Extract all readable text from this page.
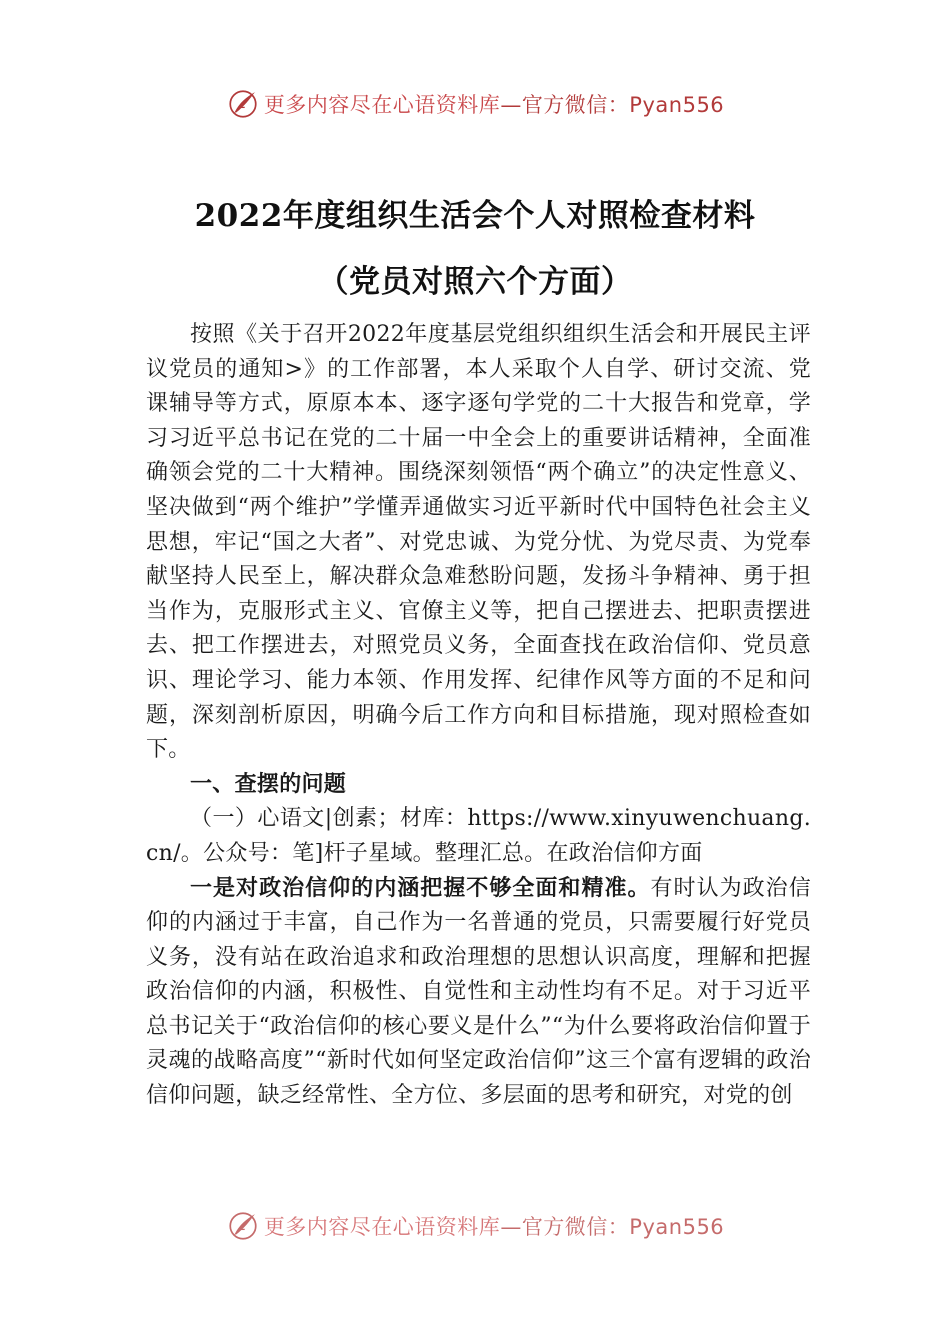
更多内容尽在心语资料库—官方微信：Pyan556
2022年度组织生活会个人对照检查材料
（党员对照六个方面）

按照《关于召开2022年度基层党组织组织生活会和开展民主评议党员的通知>》的工作部署，本人采取个人自学、研讨交流、党课辅导等方式，原原本本、逐字逐句学党的二十大报告和党章，学习习近平总书记在党的二十届一中全会上的重要讲话精神，全面准确领会党的二十大精神。围绕深刻领悟“两个确立”的决定性意义、坚决做到“两个维护”学懂弄通做实习近平新时代中国特色社会主义思想，牢记“国之大者”、对党忠诚、为党分忧、为党尽责、为党奉献坚持人民至上，解决群众急难愁盼问题，发扬斗争精神、勇于担当作为，克服形式主义、官僚主义等，把自己摆进去、把职责摆进去、把工作摆进去，对照党员义务，全面查找在政治信仰、党员意识、理论学习、能力本领、作用发挥、纪律作风等方面的不足和问题，深刻剖析原因，明确今后工作方向和目标措施，现对照检查如下。

一、查摆的问题

（一）心语文|创素；材库：https://www.xinyuwenchuang.cn/。公众号：笔]杆子星域。整理汇总。在政治信仰方面

一是对政治信仰的内涵把握不够全面和精准。有时认为政治信仰的内涵过于丰富，自己作为一名普通的党员，只需要履行好党员义务，没有站在政治追求和政治理想的思想认识高度，理解和把握政治信仰的内涵，积极性、自觉性和主动性均有不足。对于习近平总书记关于“政治信仰的核心要义是什么”“为什么要将政治信仰置于灵魂的战略高度”“新时代如何坚定政治信仰”这三个富有逻辑的政治信仰问题，缺乏经常性、全方位、多层面的思考和研究，对党的创

更多内容尽在心语资料库—官方微信：Pyan556
